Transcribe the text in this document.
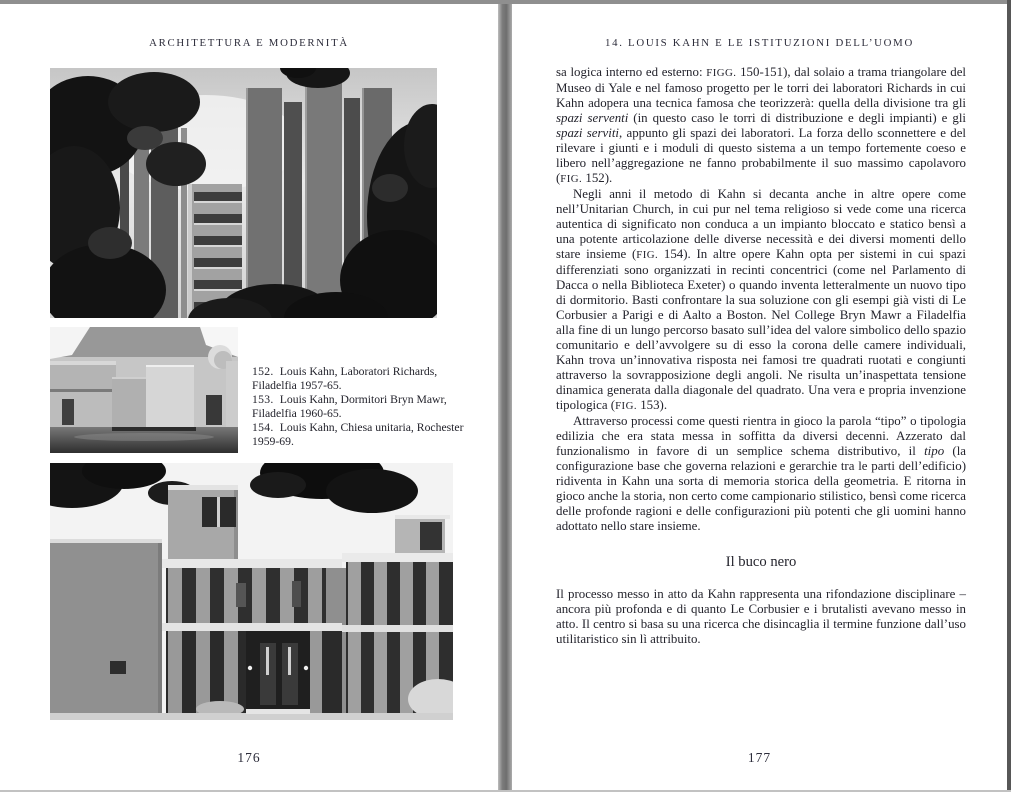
ARCHITETTURA E MODERNITÀ

152. Louis Kahn, Laboratori Richards, Filadelfia 1957-65.

153. Louis Kahn, Dormitori Bryn Mawr, Filadelfia 1960-65.

154. Louis Kahn, Chiesa unitaria, Rochester 1959-69.

176
14. LOUIS KAHN E LE ISTITUZIONI DELL’UOMO

sa logica interno ed esterno: FIGG. 150-151), dal solaio a trama triangolare del Museo di Yale e nel famoso progetto per le torri dei laboratori Richards in cui Kahn adopera una tecnica famosa che teorizzerà: quella della divisione tra gli spazi serventi (in questo caso le torri di distribuzione e degli impianti) e gli spazi serviti, appunto gli spazi dei laboratori. La forza dello sconnettere e del rilevare i giunti e i moduli di questo sistema a un tempo fortemente coeso e libero nell’aggregazione ne fanno probabilmente il suo massimo capolavoro (FIG. 152).

Negli anni il metodo di Kahn si decanta anche in altre opere come nell’Unitarian Church, in cui pur nel tema religioso si vede come una ricerca autentica di significato non conduca a un impianto bloccato e statico bensì a una potente articolazione delle diverse necessità e dei diversi momenti dello stare insieme (FIG. 154). In altre opere Kahn opta per sistemi in cui spazi differenziati sono organizzati in recinti concentrici (come nel Parlamento di Dacca o nella Biblioteca Exeter) o quando inventa letteralmente un nuovo tipo di dormitorio. Basti confrontare la sua soluzione con gli esempi già visti di Le Corbusier a Parigi e di Aalto a Boston. Nel College Bryn Mawr a Filadelfia alla fine di un lungo percorso basato sull’idea del valore simbolico dello spazio comunitario e dell’avvolgere su di esso la corona delle camere individuali, Kahn trova un’innovativa risposta nei famosi tre quadrati ruotati e congiunti attraverso la sovrapposizione degli angoli. Ne risulta un’inaspettata tensione dinamica generata dalla diagonale del quadrato. Una vera e propria invenzione tipologica (FIG. 153).

Attraverso processi come questi rientra in gioco la parola “tipo” o tipologia edilizia che era stata messa in soffitta da diversi decenni. Azzerato dal funzionalismo in favore di un semplice schema distributivo, il tipo (la configurazione base che governa relazioni e gerarchie tra le parti dell’edificio) ridiventa in Kahn una sorta di memoria storica della geometria. E ritorna in gioco anche la storia, non certo come campionario stilistico, bensì come ricerca delle profonde ragioni e delle configurazioni più potenti che gli uomini hanno adottato nello stare insieme.

Il buco nero

Il processo messo in atto da Kahn rappresenta una rifondazione disciplinare – ancora più profonda e di quanto Le Corbusier e i brutalisti avevano messo in atto. Il centro si basa su una ricerca che disincaglia il termine funzione dall’uso utilitaristico sin lì attribuito.

177
